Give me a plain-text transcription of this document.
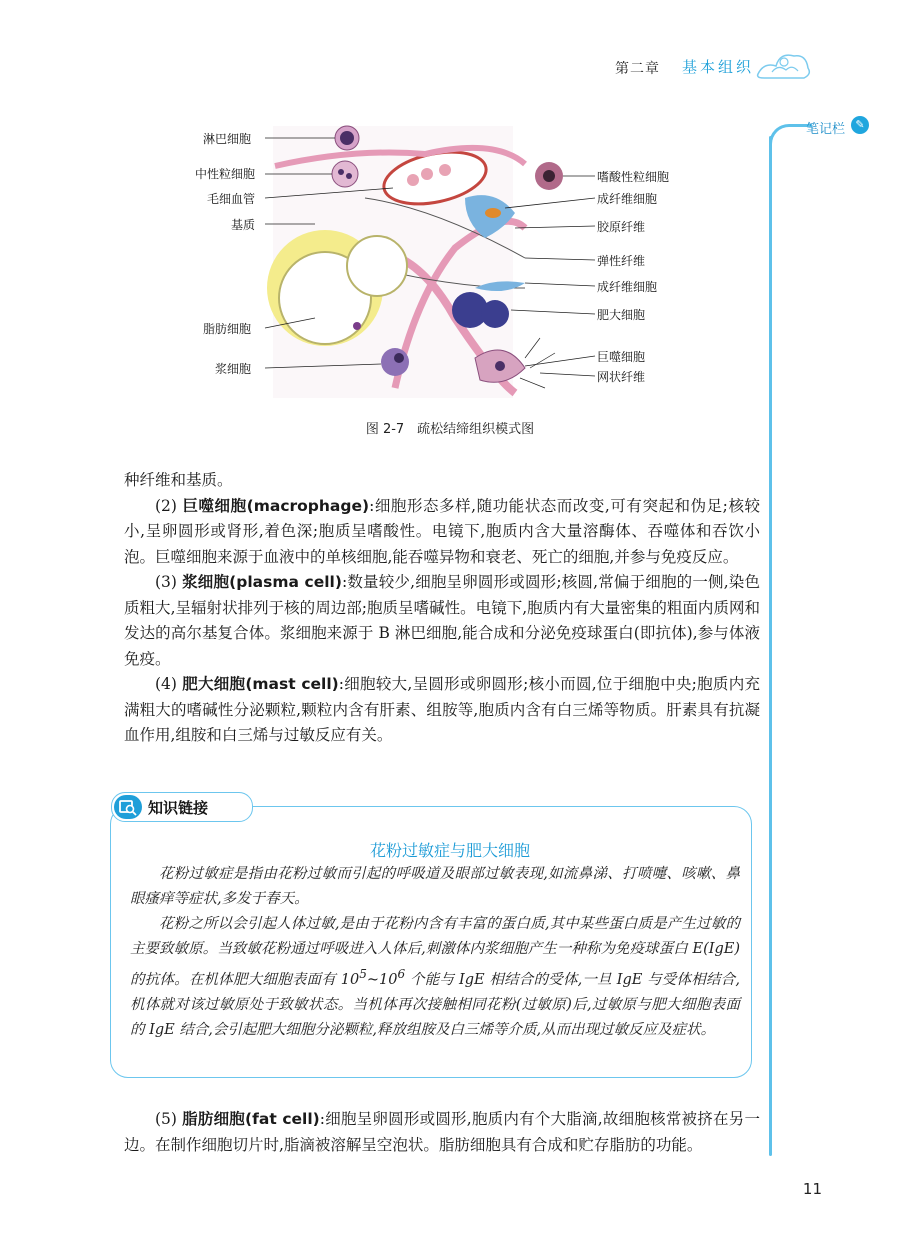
第二章 基本组织
笔记栏 ✎
淋巴细胞
中性粒细胞
毛细血管
基质
脂肪细胞
浆细胞
嗜酸性粒细胞
成纤维细胞
胶原纤维
弹性纤维
成纤维细胞
肥大细胞
巨噬细胞
网状纤维
图 2-7　疏松结缔组织模式图

种纤维和基质。

(2) 巨噬细胞(macrophage):细胞形态多样,随功能状态而改变,可有突起和伪足;核较小,呈卵圆形或肾形,着色深;胞质呈嗜酸性。电镜下,胞质内含大量溶酶体、吞噬体和吞饮小泡。巨噬细胞来源于血液中的单核细胞,能吞噬异物和衰老、死亡的细胞,并参与免疫反应。

(3) 浆细胞(plasma cell):数量较少,细胞呈卵圆形或圆形;核圆,常偏于细胞的一侧,染色质粗大,呈辐射状排列于核的周边部;胞质呈嗜碱性。电镜下,胞质内有大量密集的粗面内质网和发达的高尔基复合体。浆细胞来源于 B 淋巴细胞,能合成和分泌免疫球蛋白(即抗体),参与体液免疫。

(4) 肥大细胞(mast cell):细胞较大,呈圆形或卵圆形;核小而圆,位于细胞中央;胞质内充满粗大的嗜碱性分泌颗粒,颗粒内含有肝素、组胺等,胞质内含有白三烯等物质。肝素具有抗凝血作用,组胺和白三烯与过敏反应有关。

知识链接
花粉过敏症与肥大细胞

花粉过敏症是指由花粉过敏而引起的呼吸道及眼部过敏表现,如流鼻涕、打喷嚏、咳嗽、鼻眼瘙痒等症状,多发于春天。

花粉之所以会引起人体过敏,是由于花粉内含有丰富的蛋白质,其中某些蛋白质是产生过敏的主要致敏原。当致敏花粉通过呼吸进入人体后,刺激体内浆细胞产生一种称为免疫球蛋白 E(IgE)的抗体。在机体肥大细胞表面有 $10^5\sim 10^6$ 个能与 IgE 相结合的受体,一旦 IgE 与受体相结合,机体就对该过敏原处于致敏状态。当机体再次接触相同花粉(过敏原)后,过敏原与肥大细胞表面的 IgE 结合,会引起肥大细胞分泌颗粒,释放组胺及白三烯等介质,从而出现过敏反应及症状。

(5) 脂肪细胞(fat cell):细胞呈卵圆形或圆形,胞质内有个大脂滴,故细胞核常被挤在另一边。在制作细胞切片时,脂滴被溶解呈空泡状。脂肪细胞具有合成和贮存脂肪的功能。

11
